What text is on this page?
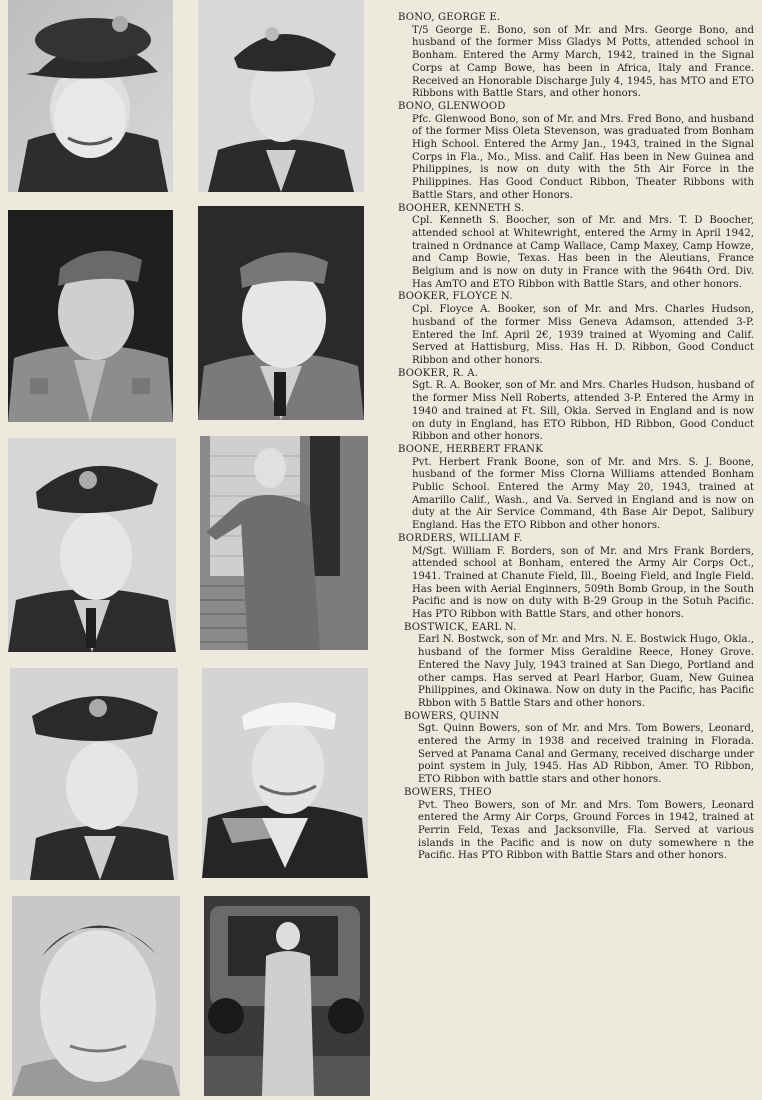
BONO, GEORGE E.
T/5 George E. Bono, son of Mr. and Mrs. George Bono, and husband of the former Miss Gladys M Potts, attended school in Bonham. Entered the Army March, 1942, trained in the Signal Corps at Camp Bowe, has been in Africa, Italy and France. Received an Honorable Discharge July 4, 1945, has MTO and ETO Ribbons with Battle Stars, and other honors.
BONO, GLENWOOD
Pfc. Glenwood Bono, son of Mr. and Mrs. Fred Bono, and husband of the former Miss Oleta Stevenson, was graduated from Bonham High School. Entered the Army Jan., 1943, trained in the Signal Corps in Fla., Mo., Miss. and Calif. Has been in New Guinea and Philippines, is now on duty with the 5th Air Force in the Philippines. Has Good Conduct Ribbon, Theater Ribbons with Battle Stars, and other Honors.
BOOHER, KENNETH S.
Cpl. Kenneth S. Boocher, son of Mr. and Mrs. T. D Boocher, attended school at Whitewright, entered the Army in April 1942, trained n Ordnance at Camp Wallace, Camp Maxey, Camp Howze, and Camp Bowie, Texas. Has been in the Aleutians, France Belgium and is now on duty in France with the 964th Ord. Div. Has AmTO and ETO Ribbon with Battle Stars, and other honors.
BOOKER, FLOYCE N.
Cpl. Floyce A. Booker, son of Mr. and Mrs. Charles Hudson, husband of the former Miss Geneva Adamson, attended 3-P. Entered the Inf. April 2€, 1939 trained at Wyoming and Calif. Served at Hattisburg, Miss. Has H. D. Ribbon, Good Conduct Ribbon and other honors.
BOOKER, R. A.
Sgt. R. A. Booker, son of Mr. and Mrs. Charles Hudson, husband of the former Miss Nell Roberts, attended 3-P. Entered the Army in 1940 and trained at Ft. Sill, Okla. Served in England and is now on duty in England, has ETO Ribbon, HD Ribbon, Good Conduct Ribbon and other honors.
BOONE, HERBERT FRANK
Pvt. Herbert Frank Boone, son of Mr. and Mrs. S. J. Boone, husband of the former Miss Clorna Williams attended Bonham Public School. Entered the Army May 20, 1943, trained at Amarillo Calif., Wash., and Va. Served in England and is now on duty at the Air Service Command, 4th Base Air Depot, Salibury England. Has the ETO Ribbon and other honors.
BORDERS, WILLIAM F.
M/Sgt. William F. Borders, son of Mr. and Mrs Frank Borders, attended school at Bonham, entered the Army Air Corps Oct., 1941. Trained at Chanute Field, Ill., Boeing Field, and Ingle Field. Has been with Aerial Enginners, 509th Bomb Group, in the South Pacific and is now on duty with B-29 Group in the Sotuh Pacific. Has PTO Ribbon with Battle Stars, and other honors.
BOSTWICK, EARL N.
Earl N. Bostwck, son of Mr. and Mrs. N. E. Bostwick Hugo, Okla., husband of the former Miss Geraldine Reece, Honey Grove. Entered the Navy July, 1943 trained at San Diego, Portland and other camps. Has served at Pearl Harbor, Guam, New Guinea Philippines, and Okinawa. Now on duty in the Pacific, has Pacific Rbbon with 5 Battle Stars and other honors.
BOWERS, QUINN
Sgt. Quinn Bowers, son of Mr. and Mrs. Tom Bowers, Leonard, entered the Army in 1938 and received training in Florada. Served at Panama Canal and Germany, received discharge under point system in July, 1945. Has AD Ribbon, Amer. TO Ribbon, ETO Ribbon with battle stars and other honors.
BOWERS, THEO
Pvt. Theo Bowers, son of Mr. and Mrs. Tom Bowers, Leonard entered the Army Air Corps, Ground Forces in 1942, trained at Perrin Feld, Texas and Jacksonville, Fla. Served at various islands in the Pacific and is now on duty somewhere n the Pacific. Has PTO Ribbon with Battle Stars and other honors.
